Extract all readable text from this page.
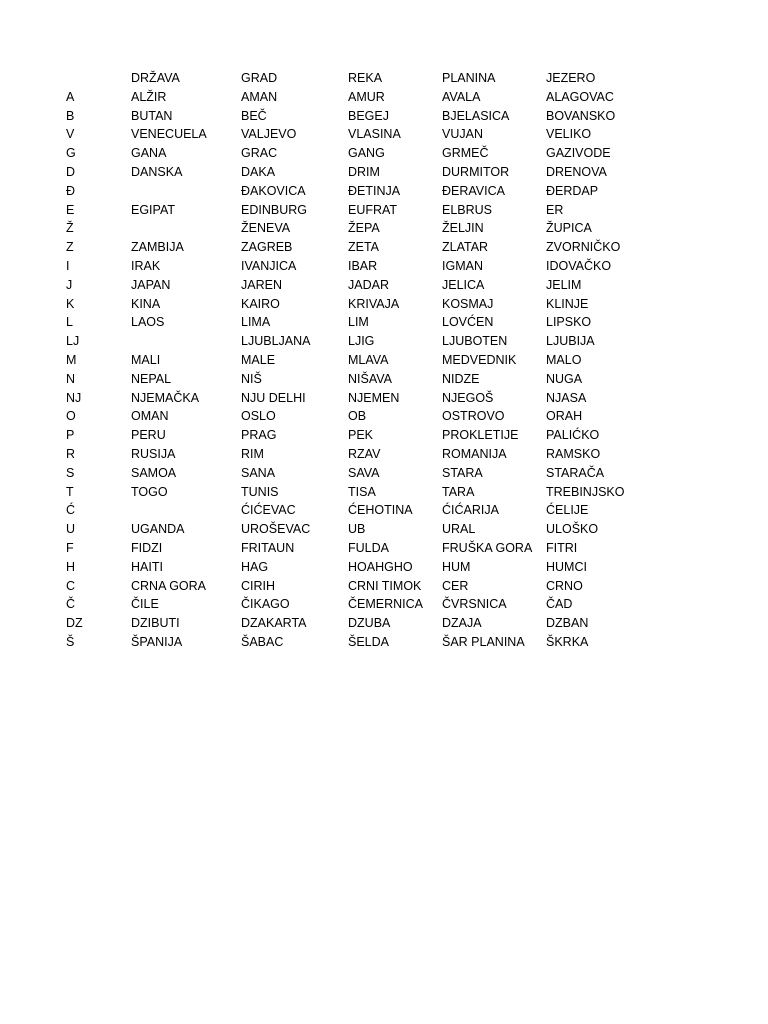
	DRŽAVA	GRAD	REKA	PLANINA	JEZERO
A	ALŽIR	AMAN	AMUR	AVALA	ALAGOVAC
B	BUTAN	BEČ	BEGEJ	BJELASICA	BOVANSKO
V	VENECUELA	VALJEVO	VLASINA	VUJAN	VELIKO
G	GANA	GRAC	GANG	GRMEČ	GAZIVODE
D	DANSKA	DAKA	DRIM	DURMITOR	DRENOVA
Đ		ĐAKOVICA	ĐETINJA	ĐERAVICA	ĐERDAP
E	EGIPAT	EDINBURG	EUFRAT	ELBRUS	ER
Ž		ŽENEVA	ŽEPA	ŽELJIN	ŽUPICA
Z	ZAMBIJA	ZAGREB	ZETA	ZLATAR	ZVORNIČKO
I	IRAK	IVANJICA	IBAR	IGMAN	IDOVAČKO
J	JAPAN	JAREN	JADAR	JELICA	JELIM
K	KINA	KAIRO	KRIVAJA	KOSMAJ	KLINJE
L	LAOS	LIMA	LIM	LOVĆEN	LIPSKO
LJ		LJUBLJANA	LJIG	LJUBOTEN	LJUBIJA
M	MALI	MALE	MLAVA	MEDVEDNIK	MALO
N	NEPAL	NIŠ	NIŠAVA	NIDZE	NUGA
NJ	NJEMAČKA	NJU DELHI	NJEMEN	NJEGOŠ	NJASA
O	OMAN	OSLO	OB	OSTROVO	ORAH
P	PERU	PRAG	PEK	PROKLETIJE	PALIĆKO
R	RUSIJA	RIM	RZAV	ROMANIJA	RAMSKO
S	SAMOA	SANA	SAVA	STARA	STARAČA
T	TOGO	TUNIS	TISA	TARA	TREBINJSKO
Ć		ĆIĆEVAC	ĆEHOTINA	ĆIĆARIJA	ĆELIJE
U	UGANDA	UROŠEVAC	UB	URAL	ULOŠKO
F	FIDZI	FRITAUN	FULDA	FRUŠKA GORA	FITRI
H	HAITI	HAG	HOAHGHO	HUM	HUMCI
C	CRNA GORA	CIRIH	CRNI TIMOK	CER	CRNO
Č	ČILE	ČIKAGO	ČEMERNICA	ČVRSNICA	ČAD
DZ	DZIBUTI	DZAKARTA	DZUBA	DZAJA	DZBAN
Š	ŠPANIJA	ŠABAC	ŠELDA	ŠAR PLANINA	ŠKRKA
